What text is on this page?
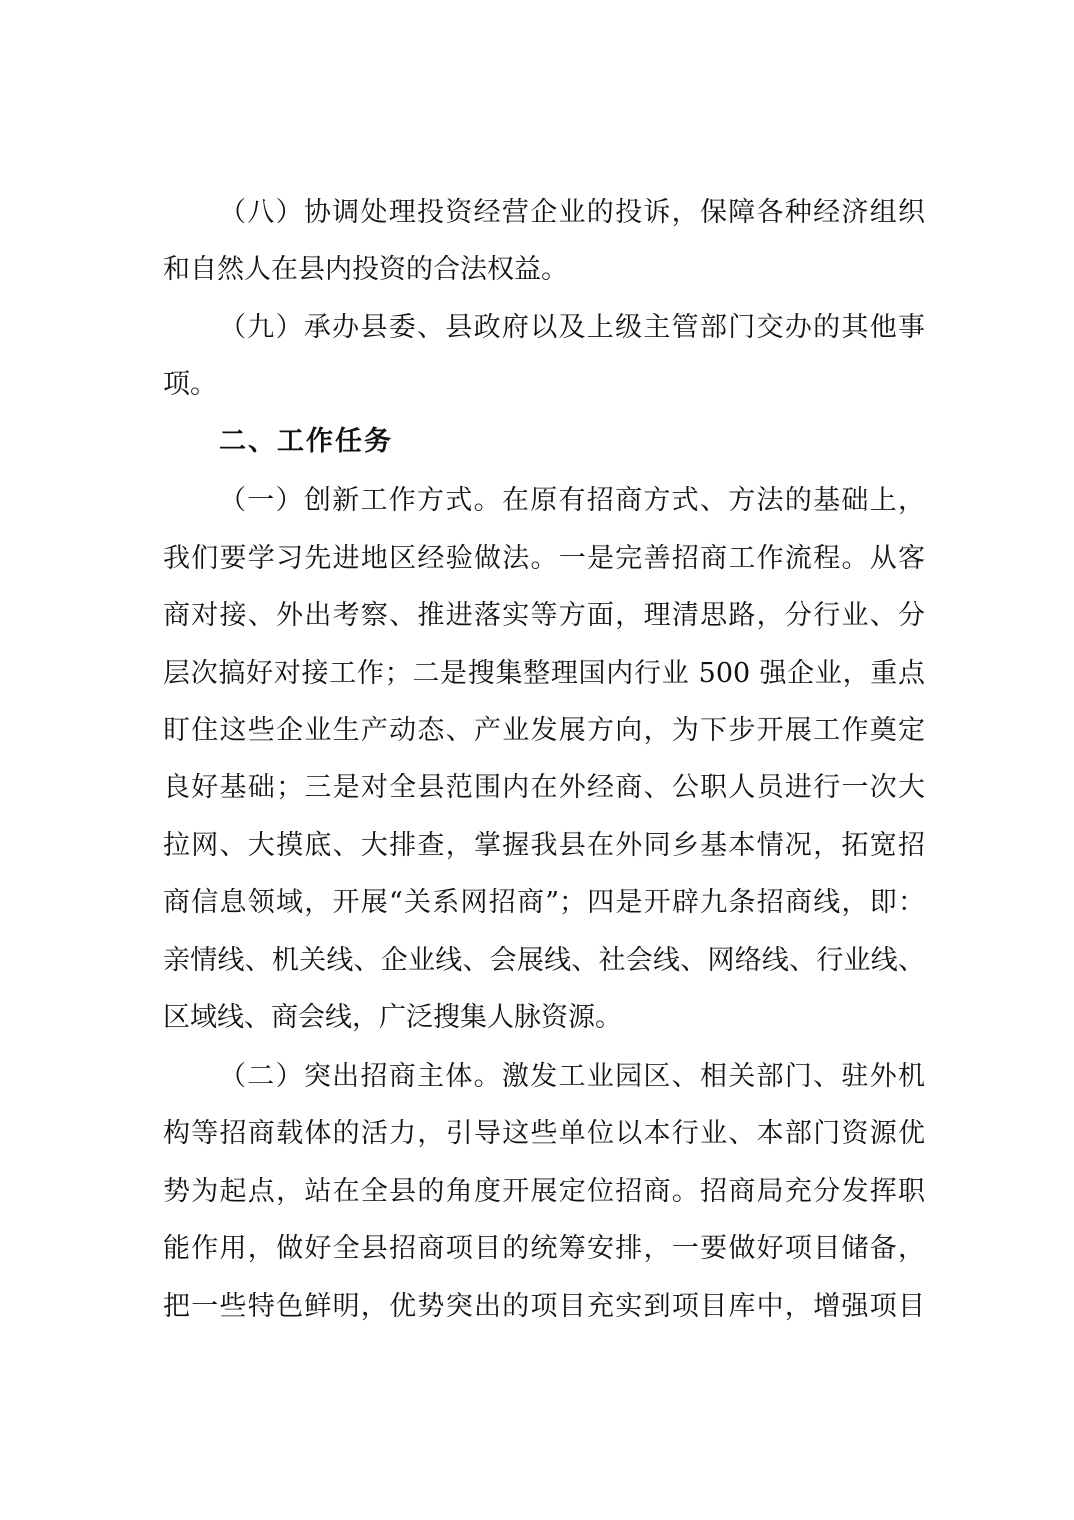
（八）协调处理投资经营企业的投诉，保障各种经济组织
和自然人在县内投资的合法权益。
（九）承办县委、县政府以及上级主管部门交办的其他事
项。
二、工作任务
（一）创新工作方式。在原有招商方式、方法的基础上，
我们要学习先进地区经验做法。一是完善招商工作流程。从客
商对接、外出考察、推进落实等方面，理清思路，分行业、分
层次搞好对接工作；二是搜集整理国内行业 500 强企业，重点
盯住这些企业生产动态、产业发展方向，为下步开展工作奠定
良好基础；三是对全县范围内在外经商、公职人员进行一次大
拉网、大摸底、大排查，掌握我县在外同乡基本情况，拓宽招
商信息领域，开展“关系网招商”；四是开辟九条招商线，即：
亲情线、机关线、企业线、会展线、社会线、网络线、行业线、
区域线、商会线，广泛搜集人脉资源。
（二）突出招商主体。激发工业园区、相关部门、驻外机
构等招商载体的活力，引导这些单位以本行业、本部门资源优
势为起点，站在全县的角度开展定位招商。招商局充分发挥职
能作用，做好全县招商项目的统筹安排，一要做好项目储备，
把一些特色鲜明，优势突出的项目充实到项目库中，增强项目
